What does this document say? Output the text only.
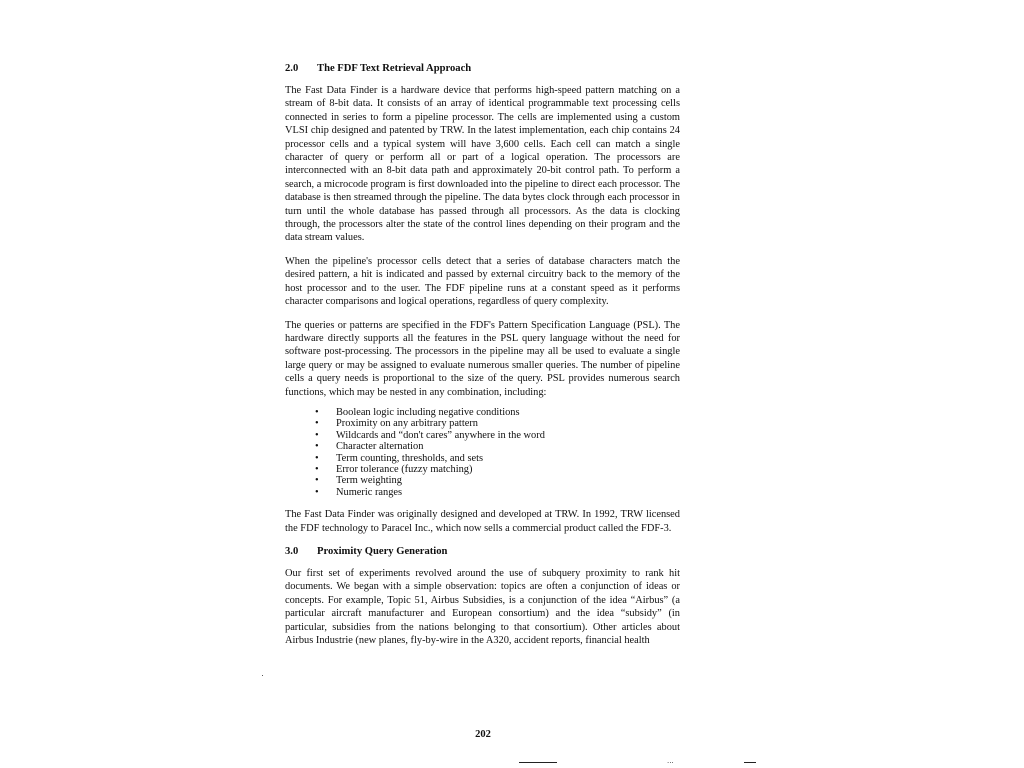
2.0 The FDF Text Retrieval Approach

The Fast Data Finder is a hardware device that performs high-speed pattern matching on a stream of 8-bit data. It consists of an array of identical programmable text processing cells connected in series to form a pipeline processor. The cells are implemented using a custom VLSI chip designed and patented by TRW. In the latest implementation, each chip contains 24 processor cells and a typical system will have 3,600 cells. Each cell can match a single character of query or perform all or part of a logical operation. The processors are interconnected with an 8-bit data path and approximately 20-bit control path. To perform a search, a microcode program is first downloaded into the pipeline to direct each processor. The database is then streamed through the pipeline. The data bytes clock through each processor in turn until the whole database has passed through all processors. As the data is clocking through, the processors alter the state of the control lines depending on their program and the data stream values.

When the pipeline's processor cells detect that a series of database characters match the desired pattern, a hit is indicated and passed by external circuitry back to the memory of the host processor and to the user. The FDF pipeline runs at a constant speed as it performs character comparisons and logical operations, regardless of query complexity.

The queries or patterns are specified in the FDF's Pattern Specification Language (PSL). The hardware directly supports all the features in the PSL query language without the need for software post-processing. The processors in the pipeline may all be used to evaluate a single large query or may be assigned to evaluate numerous smaller queries. The number of pipeline cells a query needs is proportional to the size of the query. PSL provides numerous search functions, which may be nested in any combination, including:

• Boolean logic including negative conditions
• Proximity on any arbitrary pattern
• Wildcards and “don't cares” anywhere in the word
• Character alternation
• Term counting, thresholds, and sets
• Error tolerance (fuzzy matching)
• Term weighting
• Numeric ranges

The Fast Data Finder was originally designed and developed at TRW. In 1992, TRW licensed the FDF technology to Paracel Inc., which now sells a commercial product called the FDF-3.

3.0 Proximity Query Generation

Our first set of experiments revolved around the use of subquery proximity to rank hit documents. We began with a simple observation: topics are often a conjunction of ideas or concepts. For example, Topic 51, Airbus Subsidies, is a conjunction of the idea “Airbus” (a particular aircraft manufacturer and European consortium) and the idea “subsidy” (in particular, subsidies from the nations belonging to that consortium). Other articles about Airbus Industrie (new planes, fly-by-wire in the A320, accident reports, financial health

202
...
